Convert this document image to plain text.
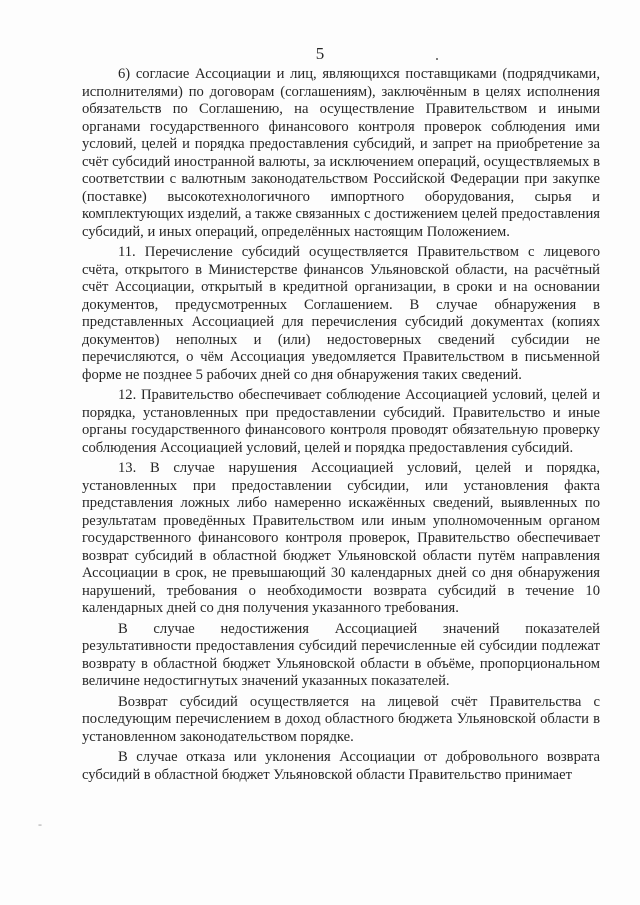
5

6) согласие Ассоциации и лиц, являющихся поставщиками (подрядчиками, исполнителями) по договорам (соглашениям), заключённым в целях исполнения обязательств по Соглашению, на осуществление Правительством и иными органами государственного финансового контроля проверок соблюдения ими условий, целей и порядка предоставления субсидий, и запрет на приобретение за счёт субсидий иностранной валюты, за исключением операций, осуществляемых в соответствии с валютным законодательством Российской Федерации при закупке (поставке) высокотехнологичного импортного оборудования, сырья и комплектующих изделий, а также связанных с достижением целей предоставления субсидий, и иных операций, определённых настоящим Положением.

11. Перечисление субсидий осуществляется Правительством с лицевого счёта, открытого в Министерстве финансов Ульяновской области, на расчётный счёт Ассоциации, открытый в кредитной организации, в сроки и на основании документов, предусмотренных Соглашением. В случае обнаружения в представленных Ассоциацией для перечисления субсидий документах (копиях документов) неполных и (или) недостоверных сведений субсидии не перечисляются, о чём Ассоциация уведомляется Правительством в письменной форме не позднее 5 рабочих дней со дня обнаружения таких сведений.

12. Правительство обеспечивает соблюдение Ассоциацией условий, целей и порядка, установленных при предоставлении субсидий. Правительство и иные органы государственного финансового контроля проводят обязательную проверку соблюдения Ассоциацией условий, целей и порядка предоставления субсидий.

13. В случае нарушения Ассоциацией условий, целей и порядка, установленных при предоставлении субсидии, или установления факта представления ложных либо намеренно искажённых сведений, выявленных по результатам проведённых Правительством или иным уполномоченным органом государственного финансового контроля проверок, Правительство обеспечивает возврат субсидий в областной бюджет Ульяновской области путём направления Ассоциации в срок, не превышающий 30 календарных дней со дня обнаружения нарушений, требования о необходимости возврата субсидий в течение 10 календарных дней со дня получения указанного требования.

В случае недостижения Ассоциацией значений показателей результативности предоставления субсидий перечисленные ей субсидии подлежат возврату в областной бюджет Ульяновской области в объёме, пропорциональном величине недостигнутых значений указанных показателей.

Возврат субсидий осуществляется на лицевой счёт Правительства с последующим перечислением в доход областного бюджета Ульяновской области в установленном законодательством порядке.

В случае отказа или уклонения Ассоциации от добровольного возврата субсидий в областной бюджет Ульяновской области Правительство принимает

-
